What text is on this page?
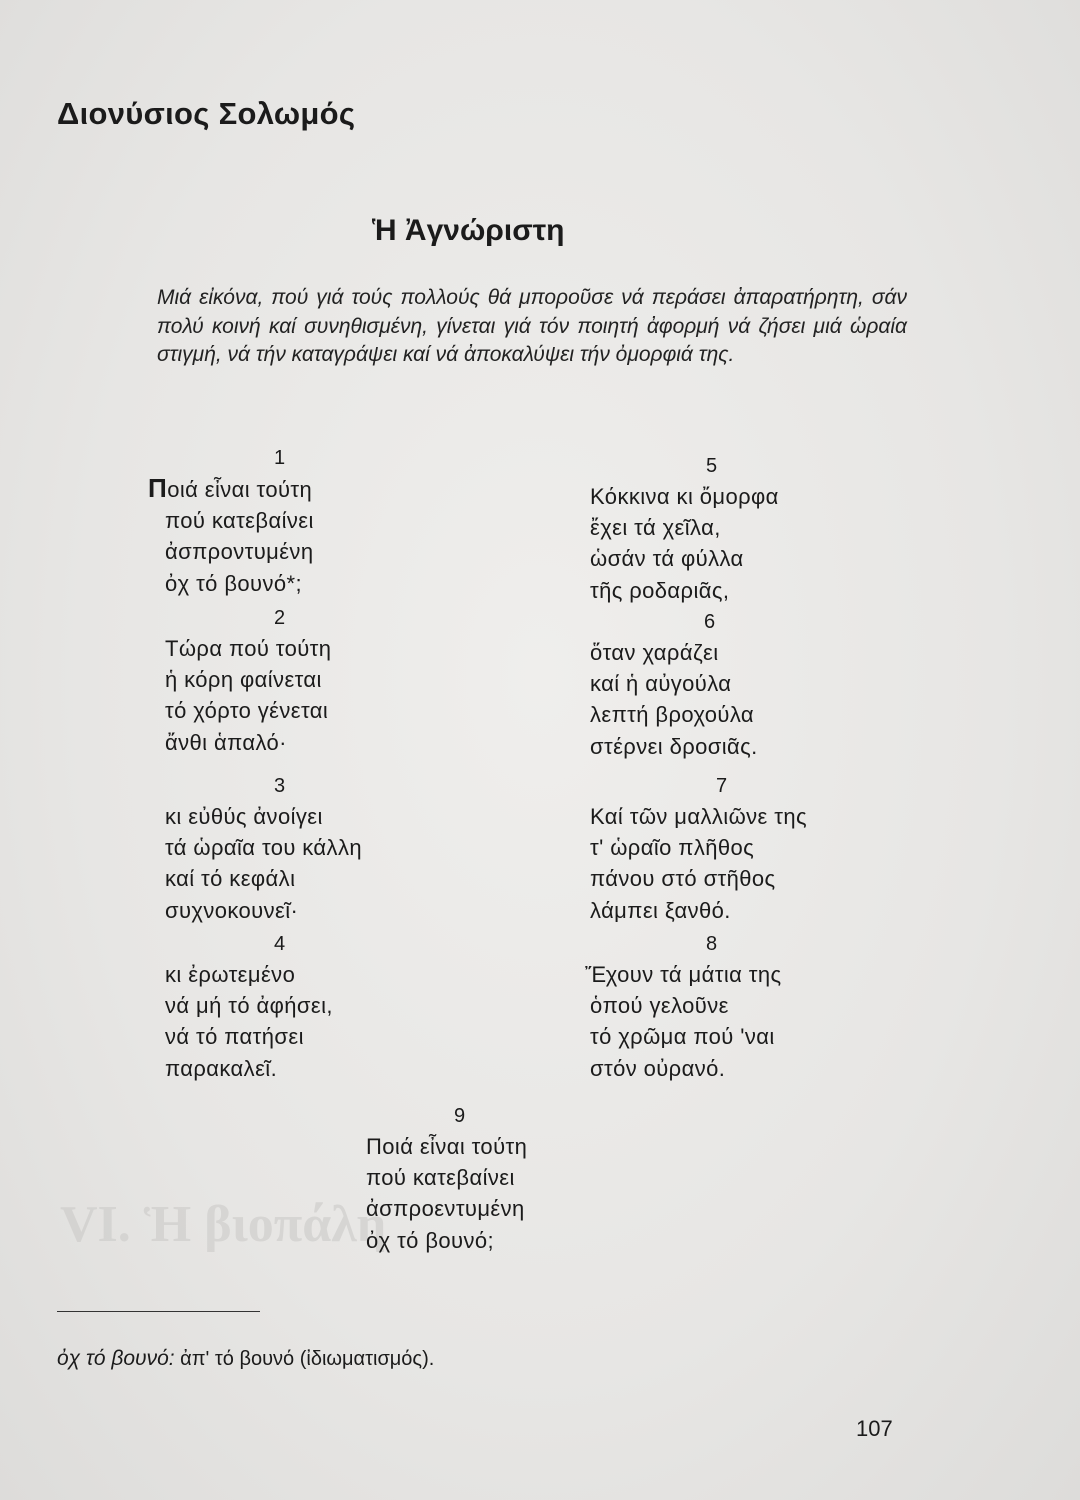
VI. Ἡ βιοπάλη
Διονύσιος Σολωμός
Ἡ Ἀγνώριστη
Μιά εἰκόνα, πού γιά τούς πολλούς θά μποροῦσε νά περάσει ἀπαρατήρητη, σάν πολύ κοινή καί συνηθισμένη, γίνεται γιά τόν ποιητή ἀφορμή νά ζήσει μιά ὡραία στιγμή, νά τήν καταγράψει καί νά ἀποκαλύψει τήν ὀμορφιά της.
1
Ποιά εἶναι τούτη
πού κατεβαίνει
ἀσπροντυμένη
ὀχ τό βουνό*;
2
Τώρα πού τούτη
ἡ κόρη φαίνεται
τό χόρτο γένεται
ἄνθι ἁπαλό·
3
κι εὐθύς ἀνοίγει
τά ὡραῖα του κάλλη
καί τό κεφάλι
συχνοκουνεῖ·
4
κι ἐρωτεμένο
νά μή τό ἀφήσει,
νά τό πατήσει
παρακαλεῖ.
5
Κόκκινα κι ὄμορφα
ἔχει τά χεῖλα,
ὡσάν τά φύλλα
τῆς ροδαριᾶς,
6
ὅταν χαράζει
καί ἡ αὐγούλα
λεπτή βροχούλα
στέρνει δροσιᾶς.
7
Καί τῶν μαλλιῶνε της
τ' ὡραῖο πλῆθος
πάνου στό στῆθος
λάμπει ξανθό.
8
Ἔχουν τά μάτια της
ὁπού γελοῦνε
τό χρῶμα πού 'ναι
στόν οὐρανό.
9
Ποιά εἶναι τούτη
πού κατεβαίνει
ἀσπροεντυμένη
ὀχ τό βουνό;
ὀχ τό βουνό: ἀπ' τό βουνό (ἰδιωματισμός).
107
